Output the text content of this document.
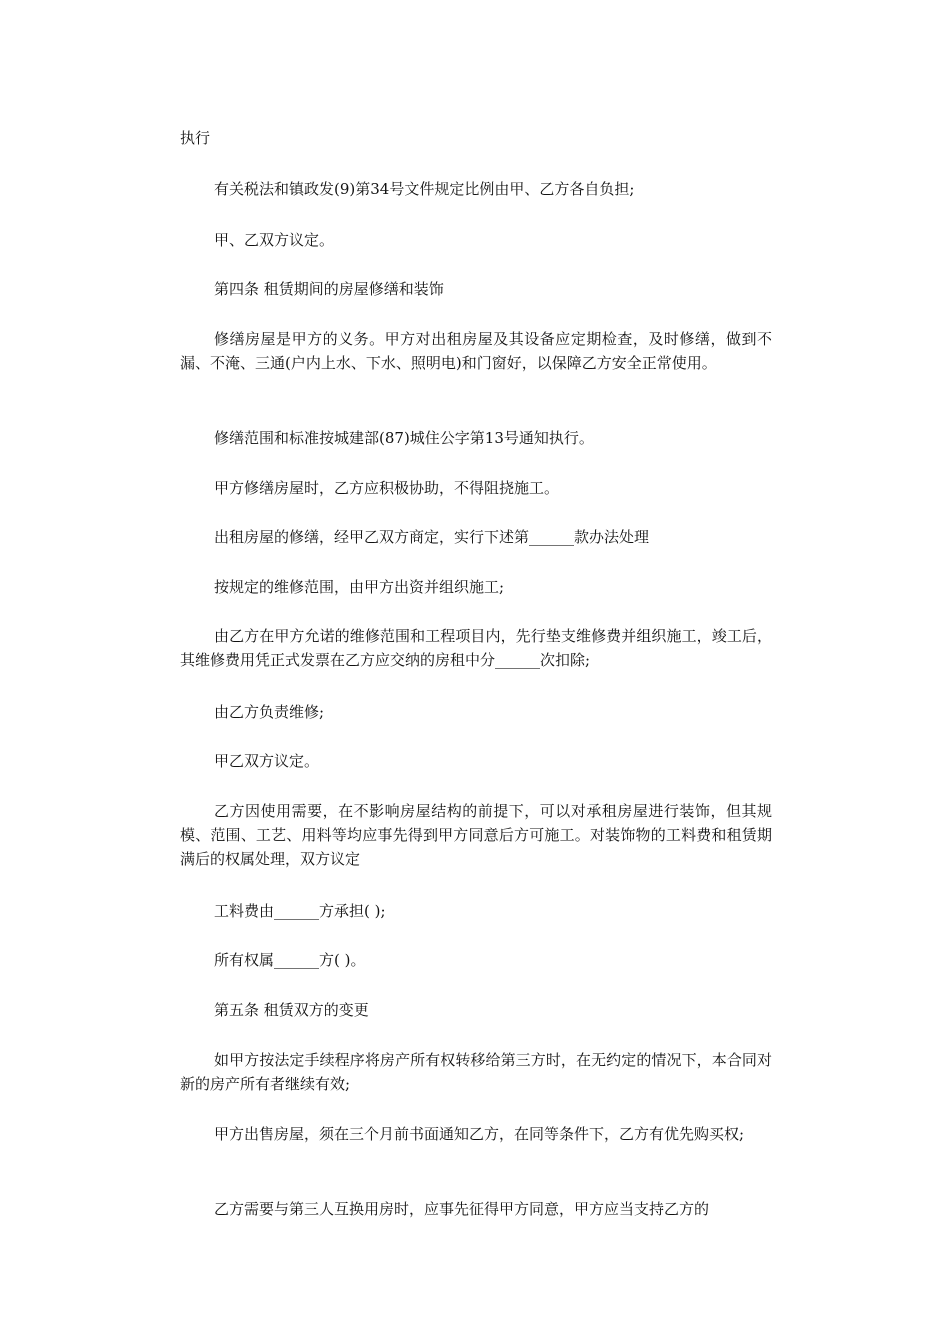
执行

有关税法和镇政发(9)第34号文件规定比例由甲、乙方各自负担;

甲、乙双方议定。

第四条 租赁期间的房屋修缮和装饰

修缮房屋是甲方的义务。甲方对出租房屋及其设备应定期检查，及时修缮，做到不漏、不淹、三通(户内上水、下水、照明电)和门窗好，以保障乙方安全正常使用。

修缮范围和标准按城建部(87)城住公字第13号通知执行。

甲方修缮房屋时，乙方应积极协助，不得阻挠施工。

出租房屋的修缮，经甲乙双方商定，实行下述第______款办法处理

按规定的维修范围，由甲方出资并组织施工;

由乙方在甲方允诺的维修范围和工程项目内，先行垫支维修费并组织施工，竣工后，其维修费用凭正式发票在乙方应交纳的房租中分______次扣除;

由乙方负责维修;

甲乙双方议定。

乙方因使用需要，在不影响房屋结构的前提下，可以对承租房屋进行装饰，但其规模、范围、工艺、用料等均应事先得到甲方同意后方可施工。对装饰物的工料费和租赁期满后的权属处理，双方议定

工料费由______方承担( );

所有权属______方( )。

第五条 租赁双方的变更

如甲方按法定手续程序将房产所有权转移给第三方时，在无约定的情况下，本合同对新的房产所有者继续有效;

甲方出售房屋，须在三个月前书面通知乙方，在同等条件下，乙方有优先购买权;

乙方需要与第三人互换用房时，应事先征得甲方同意，甲方应当支持乙方的
